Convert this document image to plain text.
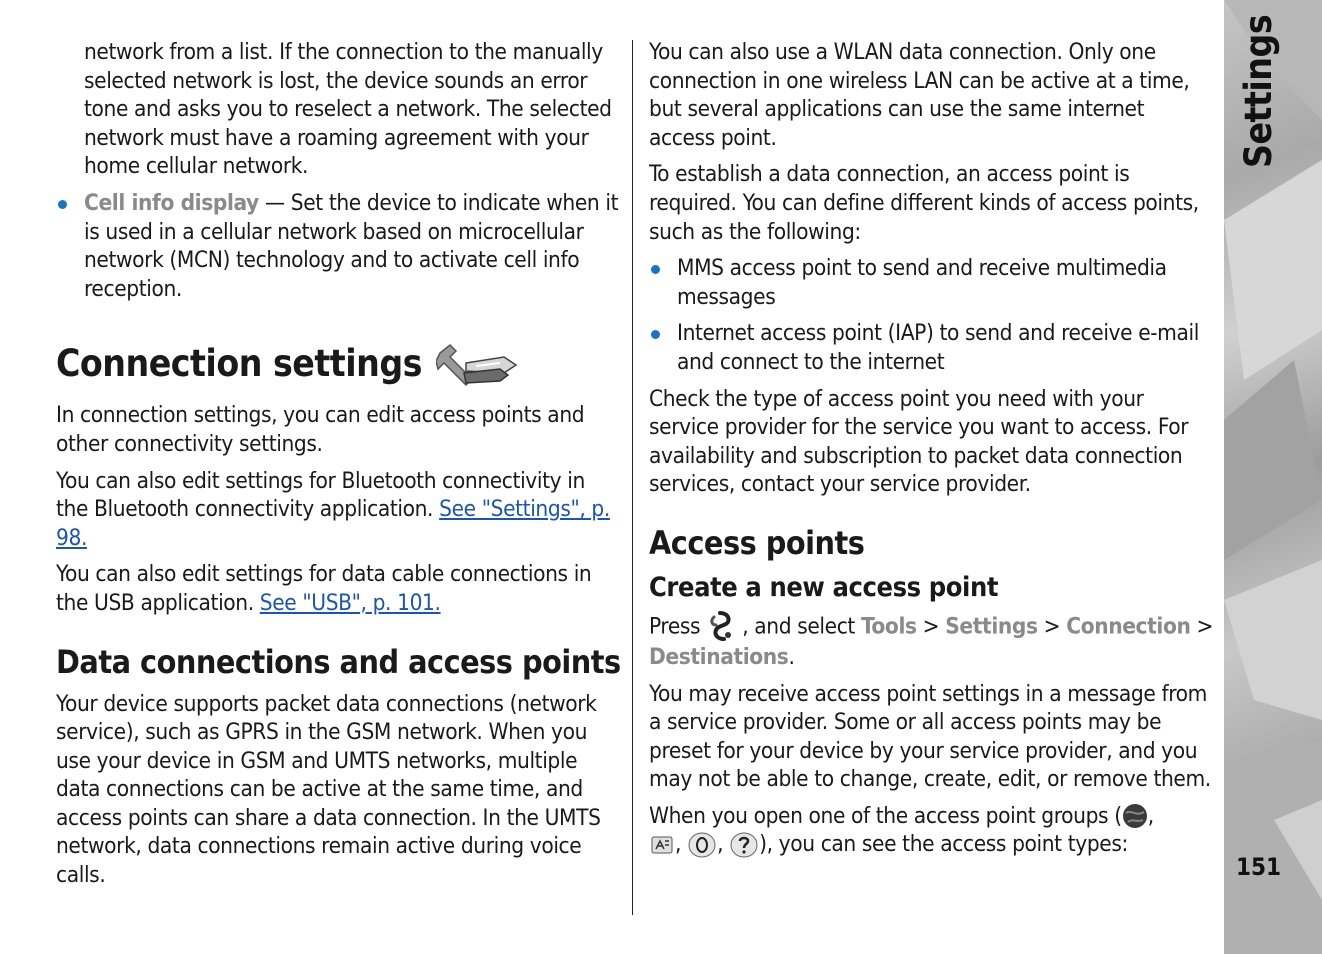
network from a list. If the connection to the manually selected network is lost, the device sounds an error tone and asks you to reselect a network. The selected network must have a roaming agreement with your home cellular network.

Cell info display — Set the device to indicate when it is used in a cellular network based on microcellular network (MCN) technology and to activate cell info reception.
Connection settings

In connection settings, you can edit access points and other connectivity settings.

You can also edit settings for Bluetooth connectivity in the Bluetooth connectivity application. See "Settings", p. 98.

You can also edit settings for data cable connections in the USB application. See "USB", p. 101.

Data connections and access points

Your device supports packet data connections (network service), such as GPRS in the GSM network. When you use your device in GSM and UMTS networks, multiple data connections can be active at the same time, and access points can share a data connection. In the UMTS network, data connections remain active during voice calls.

You can also use a WLAN data connection. Only one connection in one wireless LAN can be active at a time, but several applications can use the same internet access point.

To establish a data connection, an access point is required. You can define different kinds of access points, such as the following:

MMS access point to send and receive multimedia messages
Internet access point (IAP) to send and receive e-mail and connect to the internet

Check the type of access point you need with your service provider for the service you want to access. For availability and subscription to packet data connection services, contact your service provider.

Access points
Create a new access point

Press  , and select Tools > Settings > Connection > Destinations.

You may receive access point settings in a message from a service provider. Some or all access points may be preset for your device by your service provider, and you may not be able to change, create, edit, or remove them.

When you open one of the access point groups ( ,
, , ), you can see the access point types:

Settings
151
